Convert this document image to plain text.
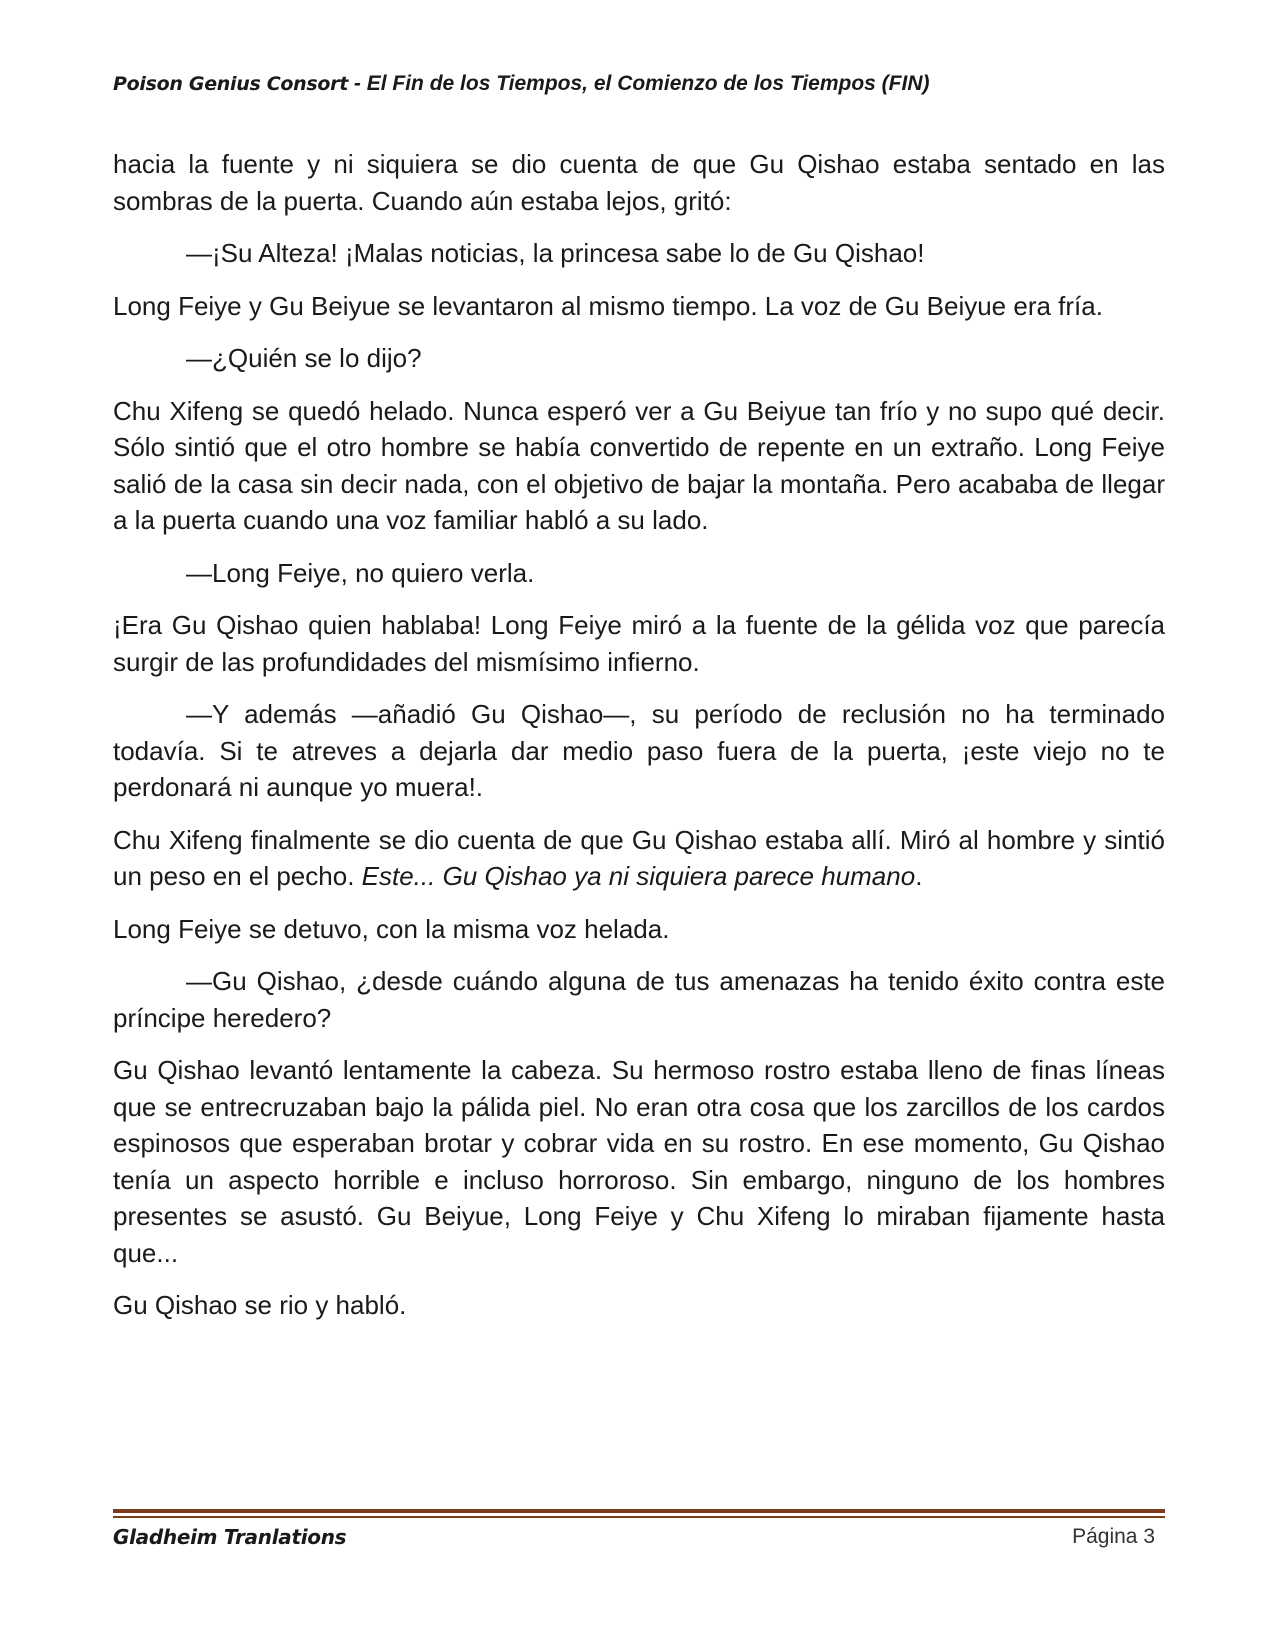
Poison Genius Consort - El Fin de los Tiempos, el Comienzo de los Tiempos (FIN)

hacia la fuente y ni siquiera se dio cuenta de que Gu Qishao estaba sentado en las sombras de la puerta. Cuando aún estaba lejos, gritó:

—¡Su Alteza! ¡Malas noticias, la princesa sabe lo de Gu Qishao!

Long Feiye y Gu Beiyue se levantaron al mismo tiempo. La voz de Gu Beiyue era fría.

—¿Quién se lo dijo?

Chu Xifeng se quedó helado. Nunca esperó ver a Gu Beiyue tan frío y no supo qué decir. Sólo sintió que el otro hombre se había convertido de repente en un extraño. Long Feiye salió de la casa sin decir nada, con el objetivo de bajar la montaña. Pero acababa de llegar a la puerta cuando una voz familiar habló a su lado.

—Long Feiye, no quiero verla.

¡Era Gu Qishao quien hablaba! Long Feiye miró a la fuente de la gélida voz que parecía surgir de las profundidades del mismísimo infierno.

—Y además —añadió Gu Qishao—, su período de reclusión no ha terminado todavía. Si te atreves a dejarla dar medio paso fuera de la puerta, ¡este viejo no te perdonará ni aunque yo muera!.

Chu Xifeng finalmente se dio cuenta de que Gu Qishao estaba allí. Miró al hombre y sintió un peso en el pecho. Este... Gu Qishao ya ni siquiera parece humano.

Long Feiye se detuvo, con la misma voz helada.

—Gu Qishao, ¿desde cuándo alguna de tus amenazas ha tenido éxito contra este príncipe heredero?

Gu Qishao levantó lentamente la cabeza. Su hermoso rostro estaba lleno de finas líneas que se entrecruzaban bajo la pálida piel. No eran otra cosa que los zarcillos de los cardos espinosos que esperaban brotar y cobrar vida en su rostro. En ese momento, Gu Qishao tenía un aspecto horrible e incluso horroroso. Sin embargo, ninguno de los hombres presentes se asustó. Gu Beiyue, Long Feiye y Chu Xifeng lo miraban fijamente hasta que...

Gu Qishao se rio y habló.

Gladheim Tranlations	Página 3
